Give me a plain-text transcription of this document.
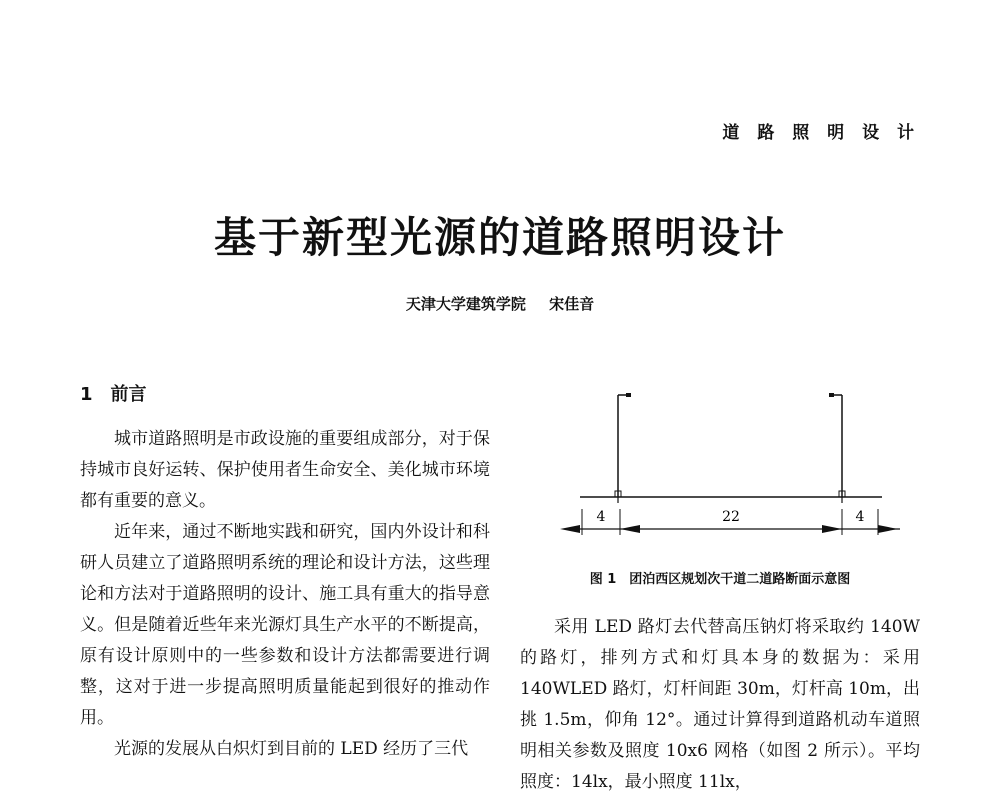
道 路 照 明 设 计
基于新型光源的道路照明设计
天津大学建筑学院 宋佳音
1 前言

城市道路照明是市政设施的重要组成部分，对于保持城市良好运转、保护使用者生命安全、美化城市环境都有重要的意义。

近年来，通过不断地实践和研究，国内外设计和科研人员建立了道路照明系统的理论和设计方法，这些理论和方法对于道路照明的设计、施工具有重大的指导意义。但是随着近些年来光源灯具生产水平的不断提高，原有设计原则中的一些参数和设计方法都需要进行调整，这对于进一步提高照明质量能起到很好的推动作用。

光源的发展从白炽灯到目前的 LED 经历了三代

4	22	4
图 1　团泊西区规划次干道二道路断面示意图

采用 LED 路灯去代替高压钠灯将采取约 140W 的路灯，排列方式和灯具本身的数据为：采用 140WLED 路灯，灯杆间距 30m，灯杆高 10m，出挑 1.5m，仰角 12°。通过计算得到道路机动车道照明相关参数及照度 10x6 网格（如图 2 所示）。平均照度：14lx，最小照度 11lx，
